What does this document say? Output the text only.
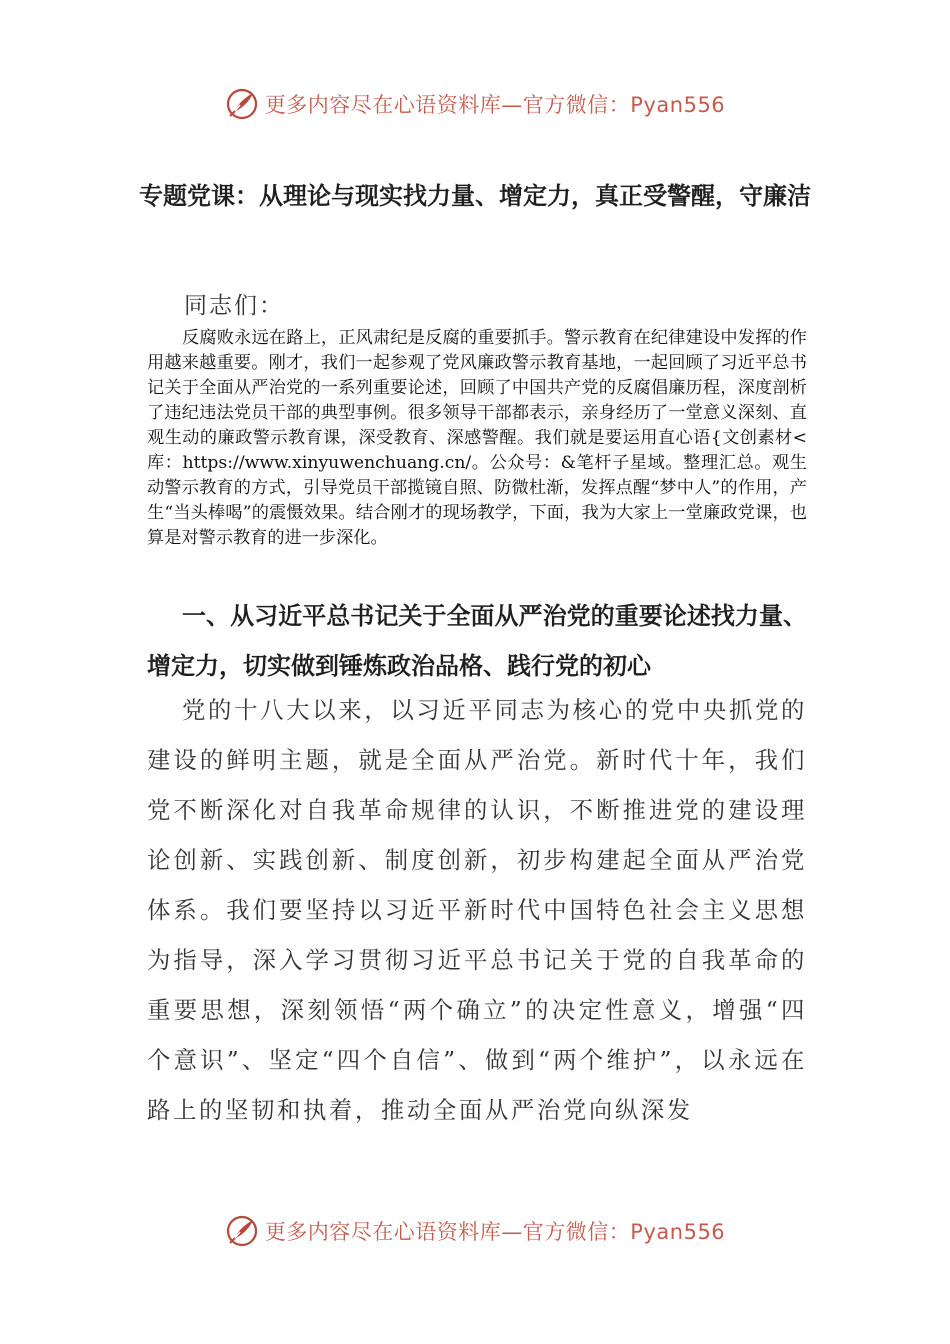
更多内容尽在心语资料库—官方微信：Pyan556
专题党课：从理论与现实找力量、增定力，真正受警醒，守廉洁
同志们：
反腐败永远在路上，正风肃纪是反腐的重要抓手。警示教育在纪律建设中发挥的作用越来越重要。刚才，我们一起参观了党风廉政警示教育基地，一起回顾了习近平总书记关于全面从严治党的一系列重要论述，回顾了中国共产党的反腐倡廉历程，深度剖析了违纪违法党员干部的典型事例。很多领导干部都表示，亲身经历了一堂意义深刻、直观生动的廉政警示教育课，深受教育、深感警醒。我们就是要运用直心语{文创素材<库：https://www.xinyuwenchuang.cn/。公众号：&笔杆子星域。整理汇总。观生动警示教育的方式，引导党员干部揽镜自照、防微杜渐，发挥点醒“梦中人”的作用，产生“当头棒喝”的震慑效果。结合刚才的现场教学，下面，我为大家上一堂廉政党课，也算是对警示教育的进一步深化。
一、从习近平总书记关于全面从严治党的重要论述找力量、增定力，切实做到锤炼政治品格、践行党的初心
党的十八大以来，以习近平同志为核心的党中央抓党的建设的鲜明主题，就是全面从严治党。新时代十年，我们党不断深化对自我革命规律的认识，不断推进党的建设理论创新、实践创新、制度创新，初步构建起全面从严治党体系。我们要坚持以习近平新时代中国特色社会主义思想为指导，深入学习贯彻习近平总书记关于党的自我革命的重要思想，深刻领悟“两个确立”的决定性意义，增强“四个意识”、坚定“四个自信”、做到“两个维护”，以永远在路上的坚韧和执着，推动全面从严治党向纵深发
更多内容尽在心语资料库—官方微信：Pyan556
